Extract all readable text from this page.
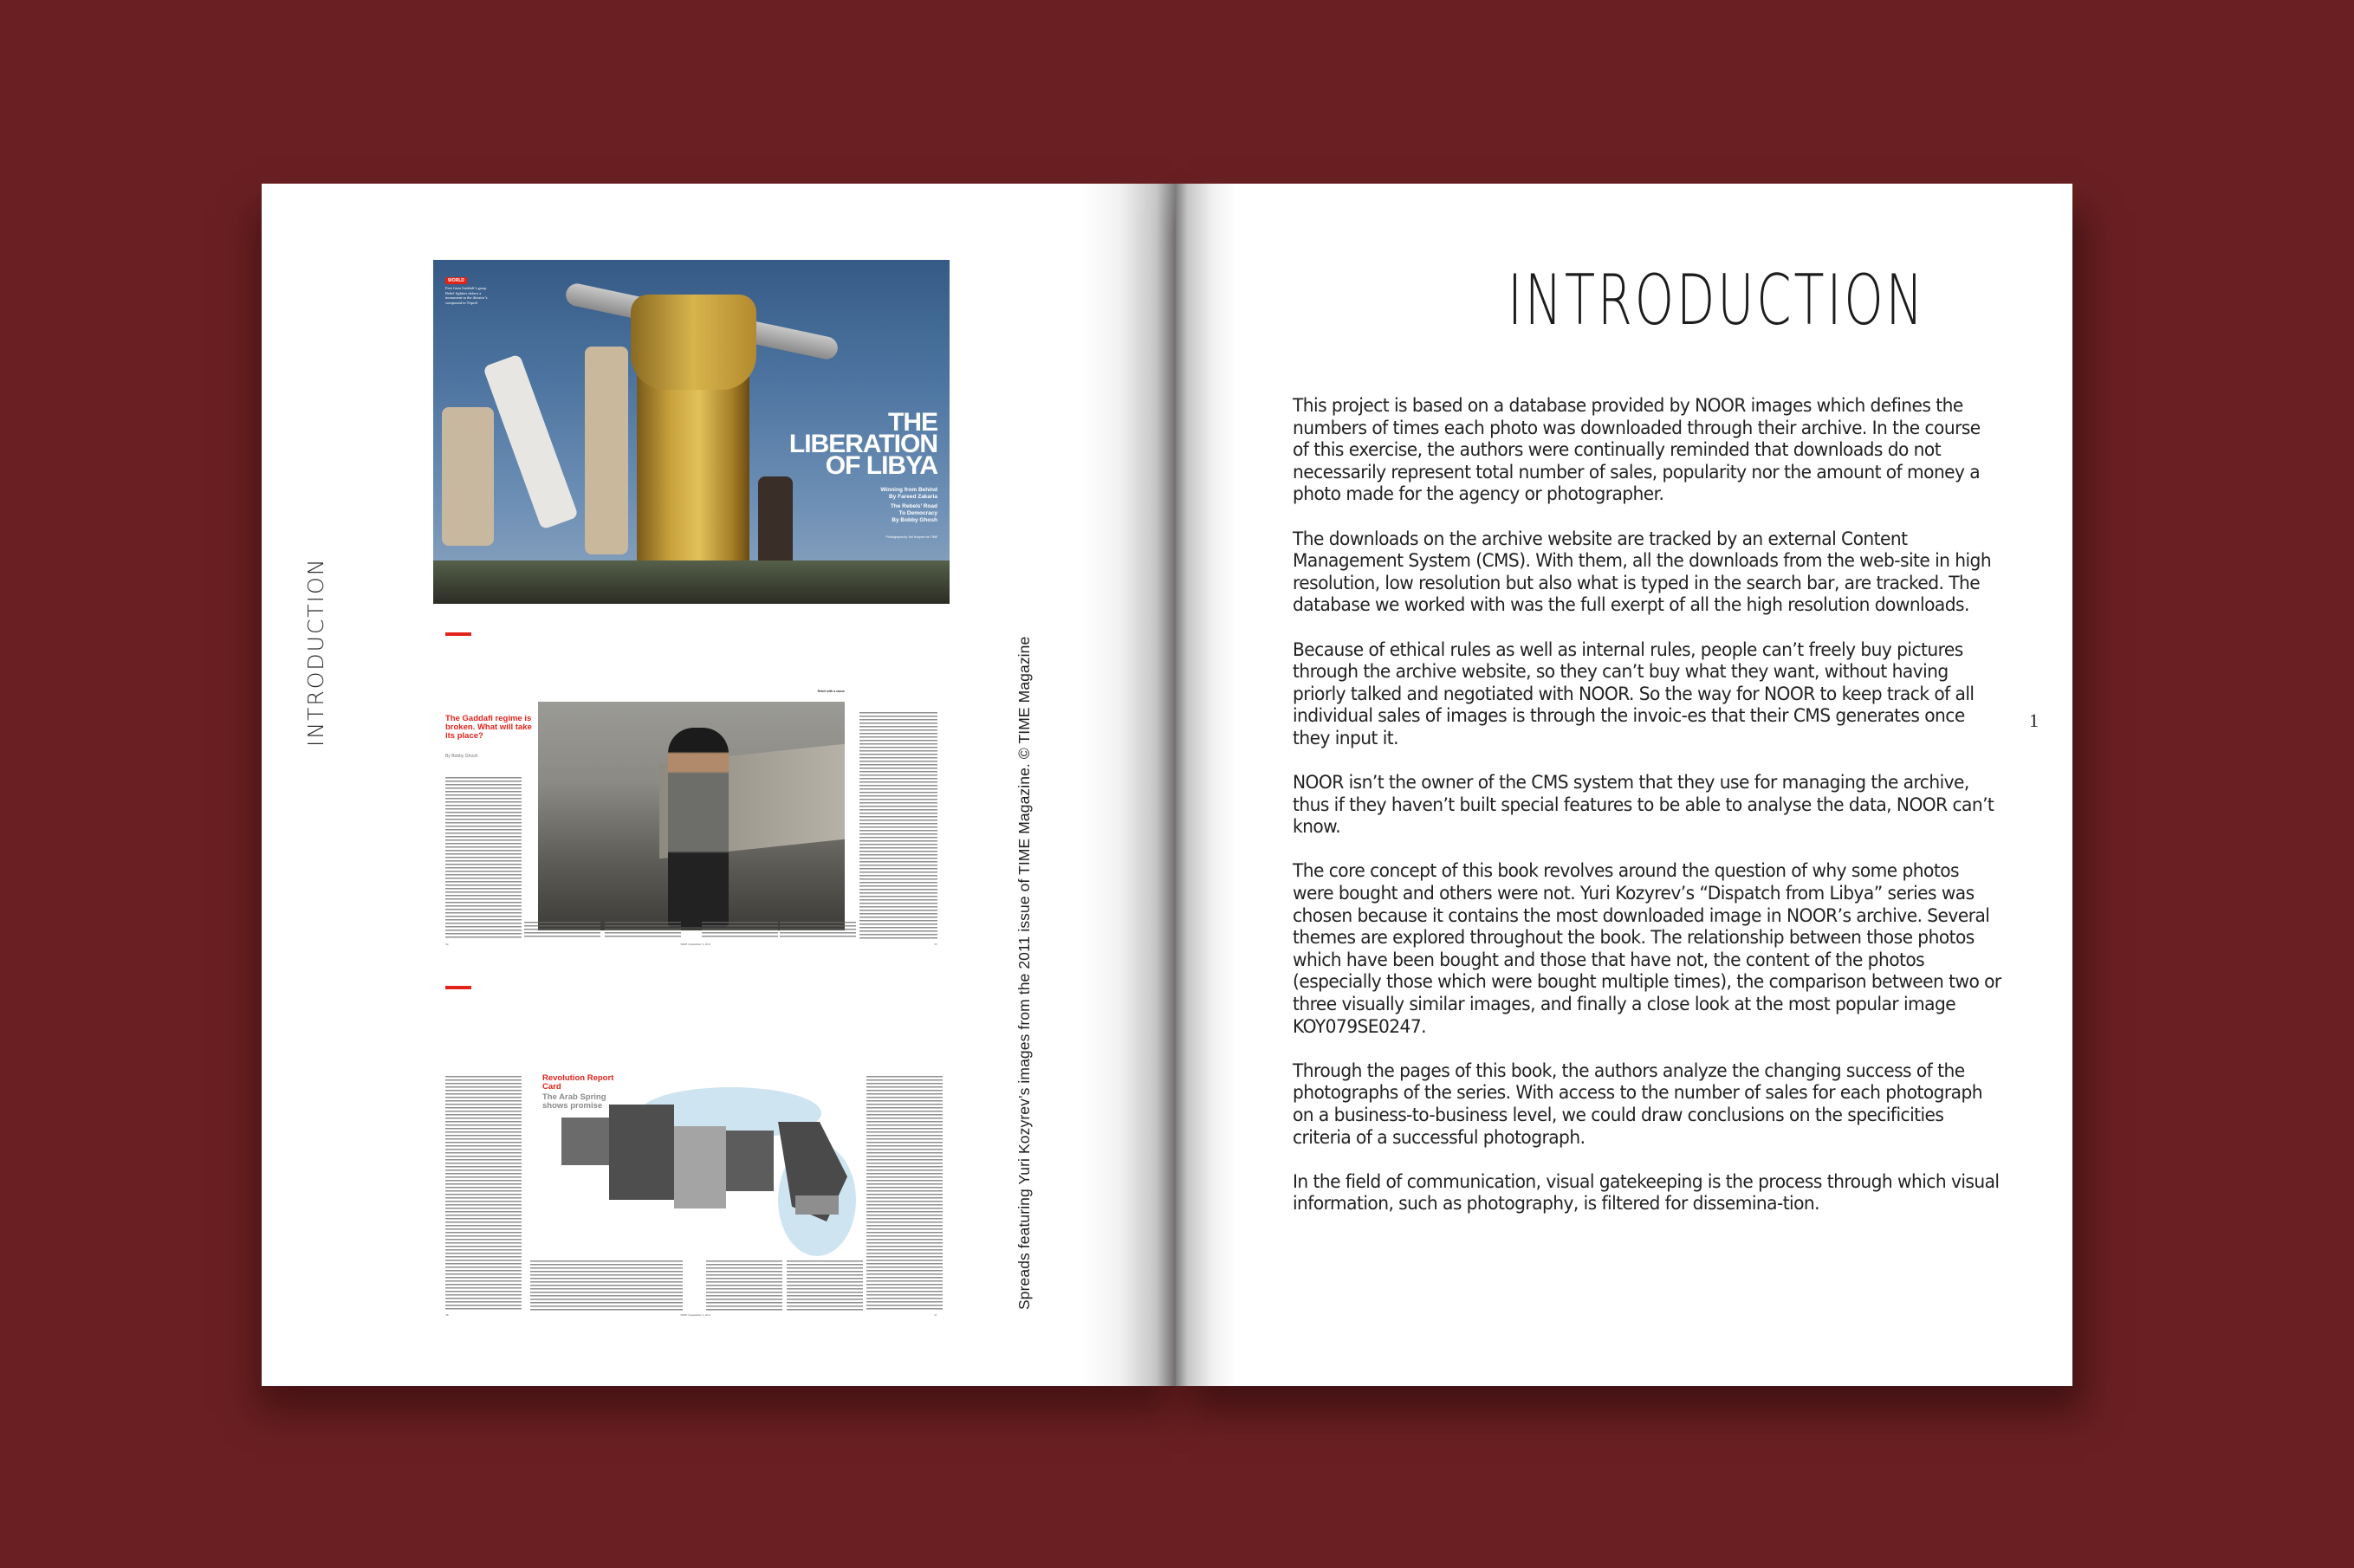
INTRODUCTION
WORLD
Free from Gaddafi’s grasp Rebel fighters deface a monument in the dictator’s compound in Tripoli
THE
LIBERATION
OF LIBYA
Winning from Behind
By Fareed Zakaria
The Rebels’ Road
To Democracy
By Bobby Ghosh
Photographs by Yuri Kozyrev for TIME
The Gaddafi regime is broken. What will take its place?
By Bobby Ghosh
Rebel with a cause
34	TIME September 5, 2011	35
Revolution Report Card
The Arab Spring shows promise
36	TIME September 5, 2011	37
Spreads featuring Yuri Kozyrev’s images from the 2011 issue of TIME Magazine. © TIME Magazine
INTRODUCTION

This project is based on a database provided by NOOR images which defines the numbers of times each photo was downloaded through their archive. In the course of this exercise, the authors were continually reminded that downloads do not necessarily represent total number of sales, popularity nor the amount of money a photo made for the agency or photographer.

The downloads on the archive website are tracked by an external Content Management System (CMS). With them, all the downloads from the web-site in high resolution, low resolution but also what is typed in the search bar, are tracked. The database we worked with was the full exerpt of all the high resolution downloads.

Because of ethical rules as well as internal rules, people can’t freely buy pictures through the archive website, so they can’t buy what they want, without having priorly talked and negotiated with NOOR. So the way for NOOR to keep track of all individual sales of images is through the invoic-es that their CMS generates once they input it.

NOOR isn’t the owner of the CMS system that they use for managing the archive, thus if they haven’t built special features to be able to analyse the data, NOOR can’t know.

The core concept of this book revolves around the question of why some photos were bought and others were not. Yuri Kozyrev’s “Dispatch from Libya” series was chosen because it contains the most downloaded image in NOOR’s archive. Several themes are explored throughout the book. The relationship between those photos which have been bought and those that have not, the content of the photos (especially those which were bought multiple times), the comparison between two or three visually similar images, and finally a close look at the most popular image KOY079SE0247.

Through the pages of this book, the authors analyze the changing success of the photographs of the series. With access to the number of sales for each photograph on a business-to-business level, we could draw conclusions on the specificities criteria of a successful photograph.

In the field of communication, visual gatekeeping is the process through which visual information, such as photography, is filtered for dissemina-tion.

1
